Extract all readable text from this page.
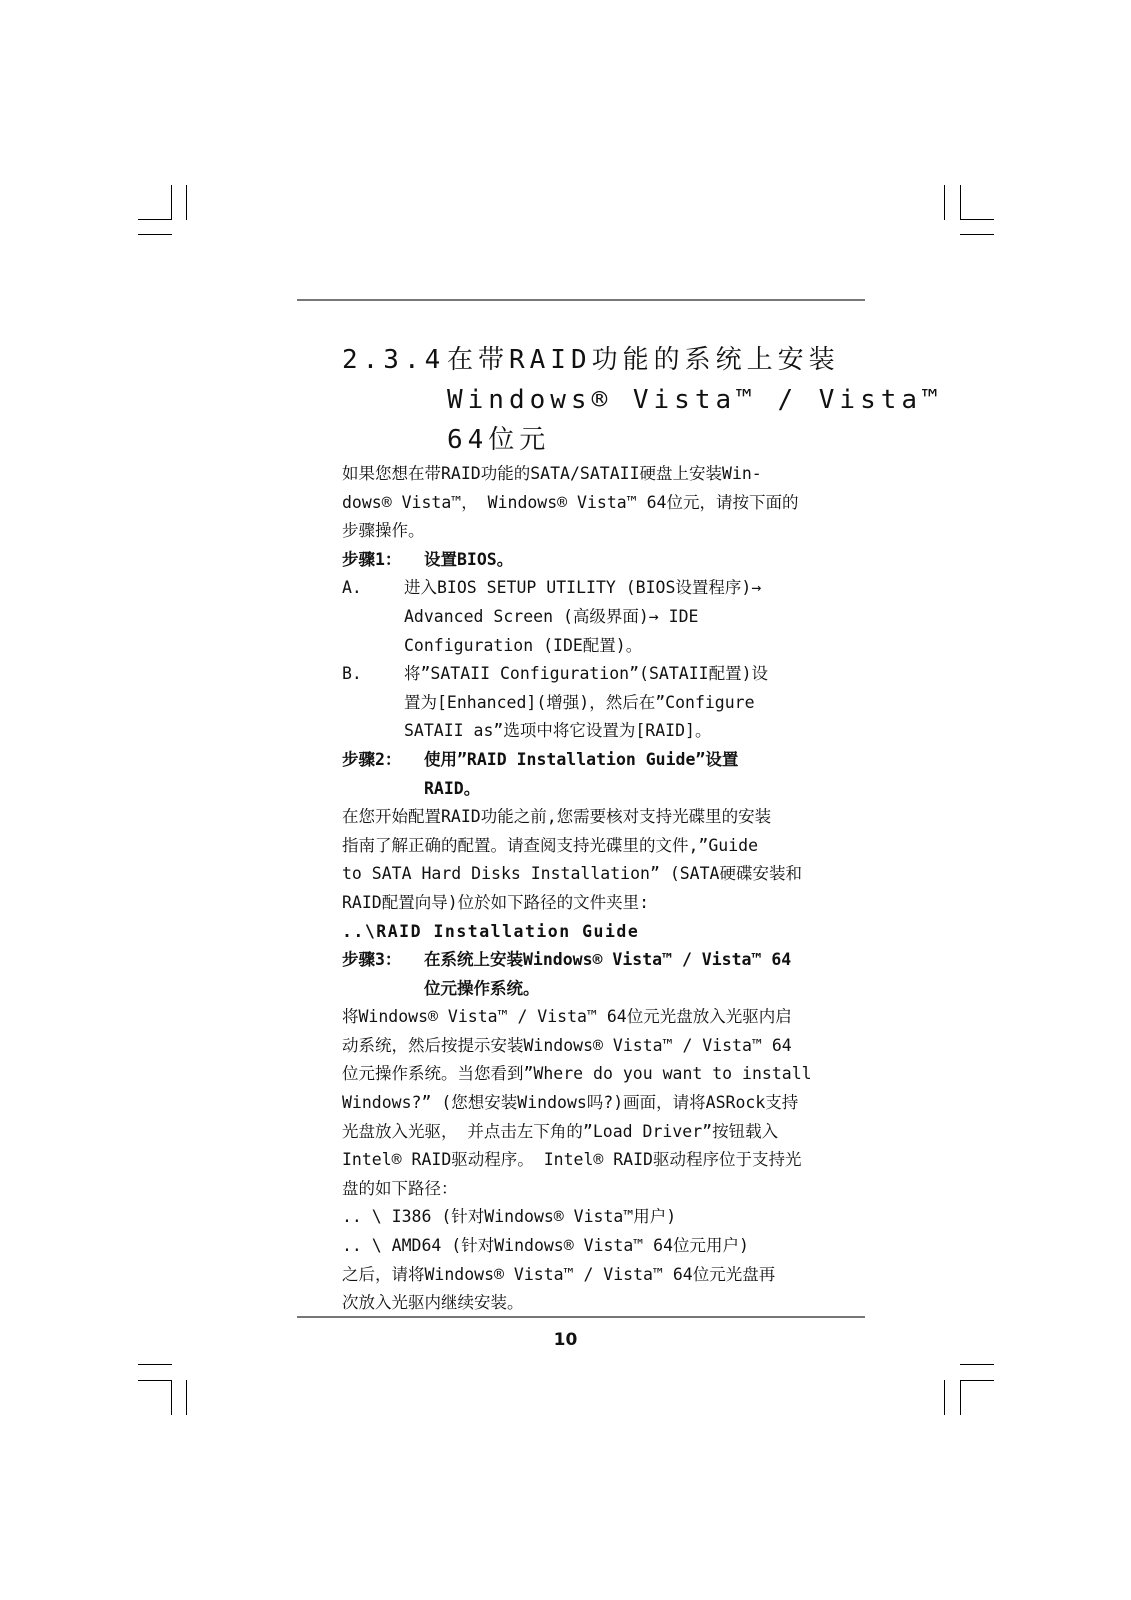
2.3.4在带RAID功能的系统上安装
Windows® Vista™ / Vista™
64位元
如果您想在带RAID功能的SATA/SATAII硬盘上安装Win-
dows® Vista™， Windows® Vista™ 64位元，请按下面的
步骤操作。
步骤1： 设置BIOS。
A.	进入BIOS SETUP UTILITY (BIOS设置程序)→
Advanced Screen (高级界面)→ IDE
Configuration (IDE配置)。
B.	将”SATAII Configuration”(SATAII配置)设
置为[Enhanced](增强)，然后在”Configure
SATAII as”选项中将它设置为[RAID]。
步骤2： 使用”RAID Installation Guide”设置
RAID。
在您开始配置RAID功能之前,您需要核对支持光碟里的安装
指南了解正确的配置。请查阅支持光碟里的文件,”Guide
to SATA Hard Disks Installation” (SATA硬碟安装和
RAID配置向导)位於如下路径的文件夹里:
..\RAID Installation Guide
步骤3： 在系统上安装Windows® Vista™ / Vista™ 64
位元操作系统。
将Windows® Vista™ / Vista™ 64位元光盘放入光驱内启
动系统，然后按提示安装Windows® Vista™ / Vista™ 64
位元操作系统。当您看到”Where do you want to install
Windows?” (您想安装Windows吗?)画面，请将ASRock支持
光盘放入光驱， 并点击左下角的”Load Driver”按钮载入
Intel® RAID驱动程序。 Intel® RAID驱动程序位于支持光
盘的如下路径：
.. \ I386 (针对Windows® Vista™用户)
.. \ AMD64 (针对Windows® Vista™ 64位元用户)
之后，请将Windows® Vista™ / Vista™ 64位元光盘再
次放入光驱内继续安装。
10
